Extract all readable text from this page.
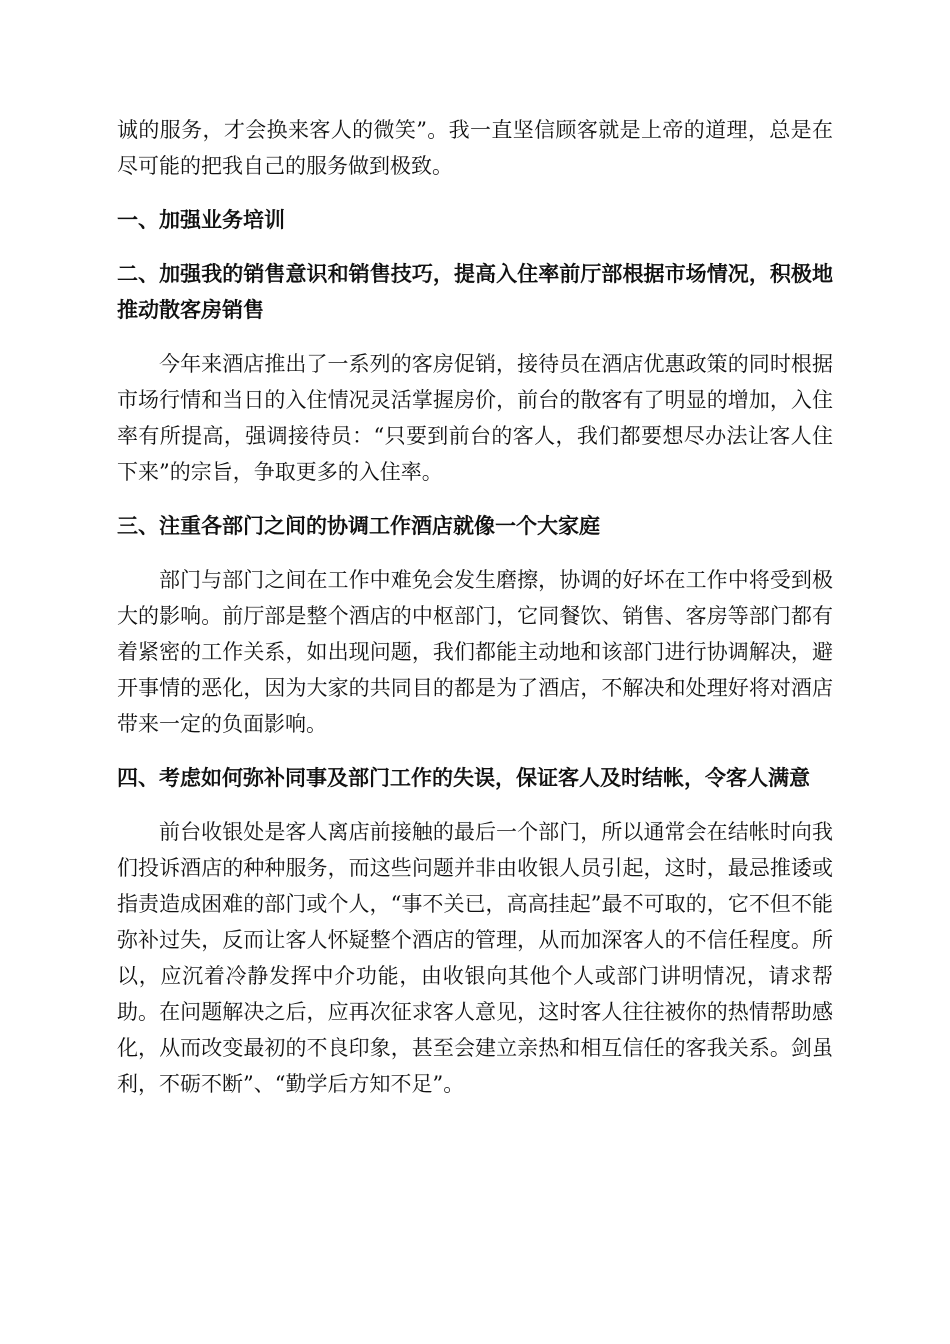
诚的服务，才会换来客人的微笑”。我一直坚信顾客就是上帝的道理，总是在尽可能的把我自己的服务做到极致。

一、加强业务培训

二、加强我的销售意识和销售技巧，提高入住率前厅部根据市场情况，积极地推动散客房销售

今年来酒店推出了一系列的客房促销，接待员在酒店优惠政策的同时根据市场行情和当日的入住情况灵活掌握房价，前台的散客有了明显的增加，入住率有所提高，强调接待员：“只要到前台的客人，我们都要想尽办法让客人住下来”的宗旨，争取更多的入住率。

三、注重各部门之间的协调工作酒店就像一个大家庭

部门与部门之间在工作中难免会发生磨擦，协调的好坏在工作中将受到极大的影响。前厅部是整个酒店的中枢部门，它同餐饮、销售、客房等部门都有着紧密的工作关系，如出现问题，我们都能主动地和该部门进行协调解决，避开事情的恶化，因为大家的共同目的都是为了酒店，不解决和处理好将对酒店带来一定的负面影响。

四、考虑如何弥补同事及部门工作的失误，保证客人及时结帐，令客人满意

前台收银处是客人离店前接触的最后一个部门，所以通常会在结帐时向我们投诉酒店的种种服务，而这些问题并非由收银人员引起，这时，最忌推诿或指责造成困难的部门或个人，“事不关已，高高挂起”最不可取的，它不但不能弥补过失，反而让客人怀疑整个酒店的管理，从而加深客人的不信任程度。所以，应沉着冷静发挥中介功能，由收银向其他个人或部门讲明情况，请求帮助。在问题解决之后，应再次征求客人意见，这时客人往往被你的热情帮助感化，从而改变最初的不良印象，甚至会建立亲热和相互信任的客我关系。剑虽利，不砺不断”、“勤学后方知不足”。
